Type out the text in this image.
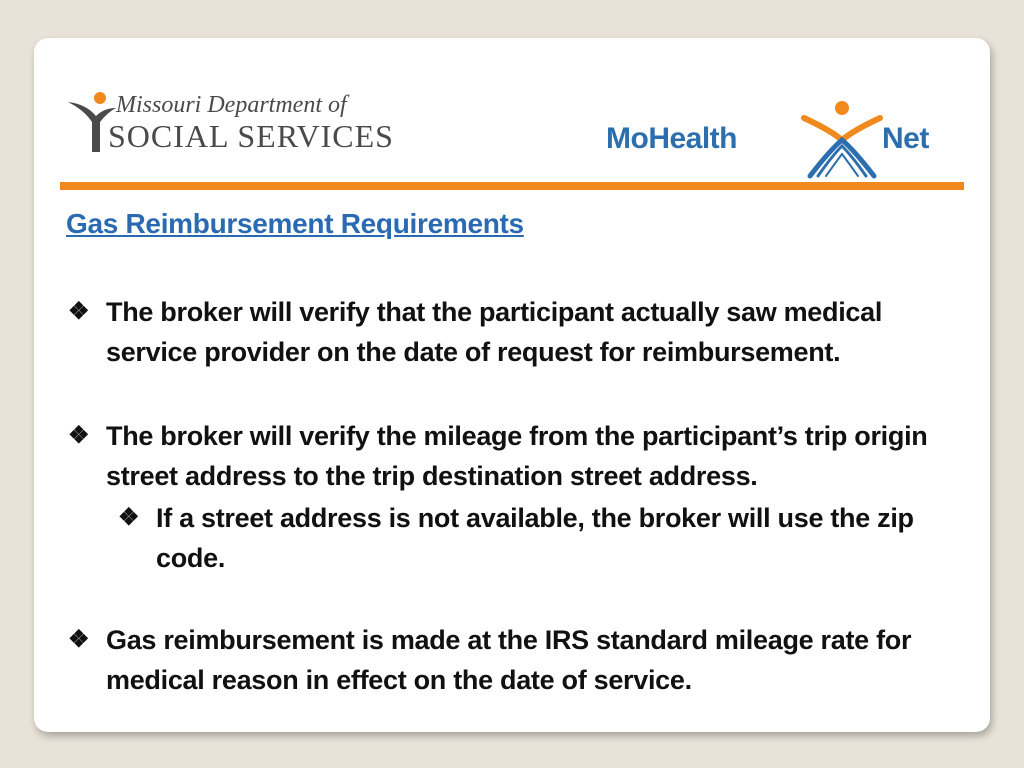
Missouri Department of
SOCIAL SERVICES	MoHealth	Net
Gas Reimbursement Requirements
❖ The broker will verify that the participant actually saw medical service provider on the date of request for reimbursement.
❖ The broker will verify the mileage from the participant’s trip origin street address to the trip destination street address.
❖ If a street address is not available, the broker will use the zip code.
❖ Gas reimbursement is made at the IRS standard mileage rate for medical reason in effect on the date of service.
